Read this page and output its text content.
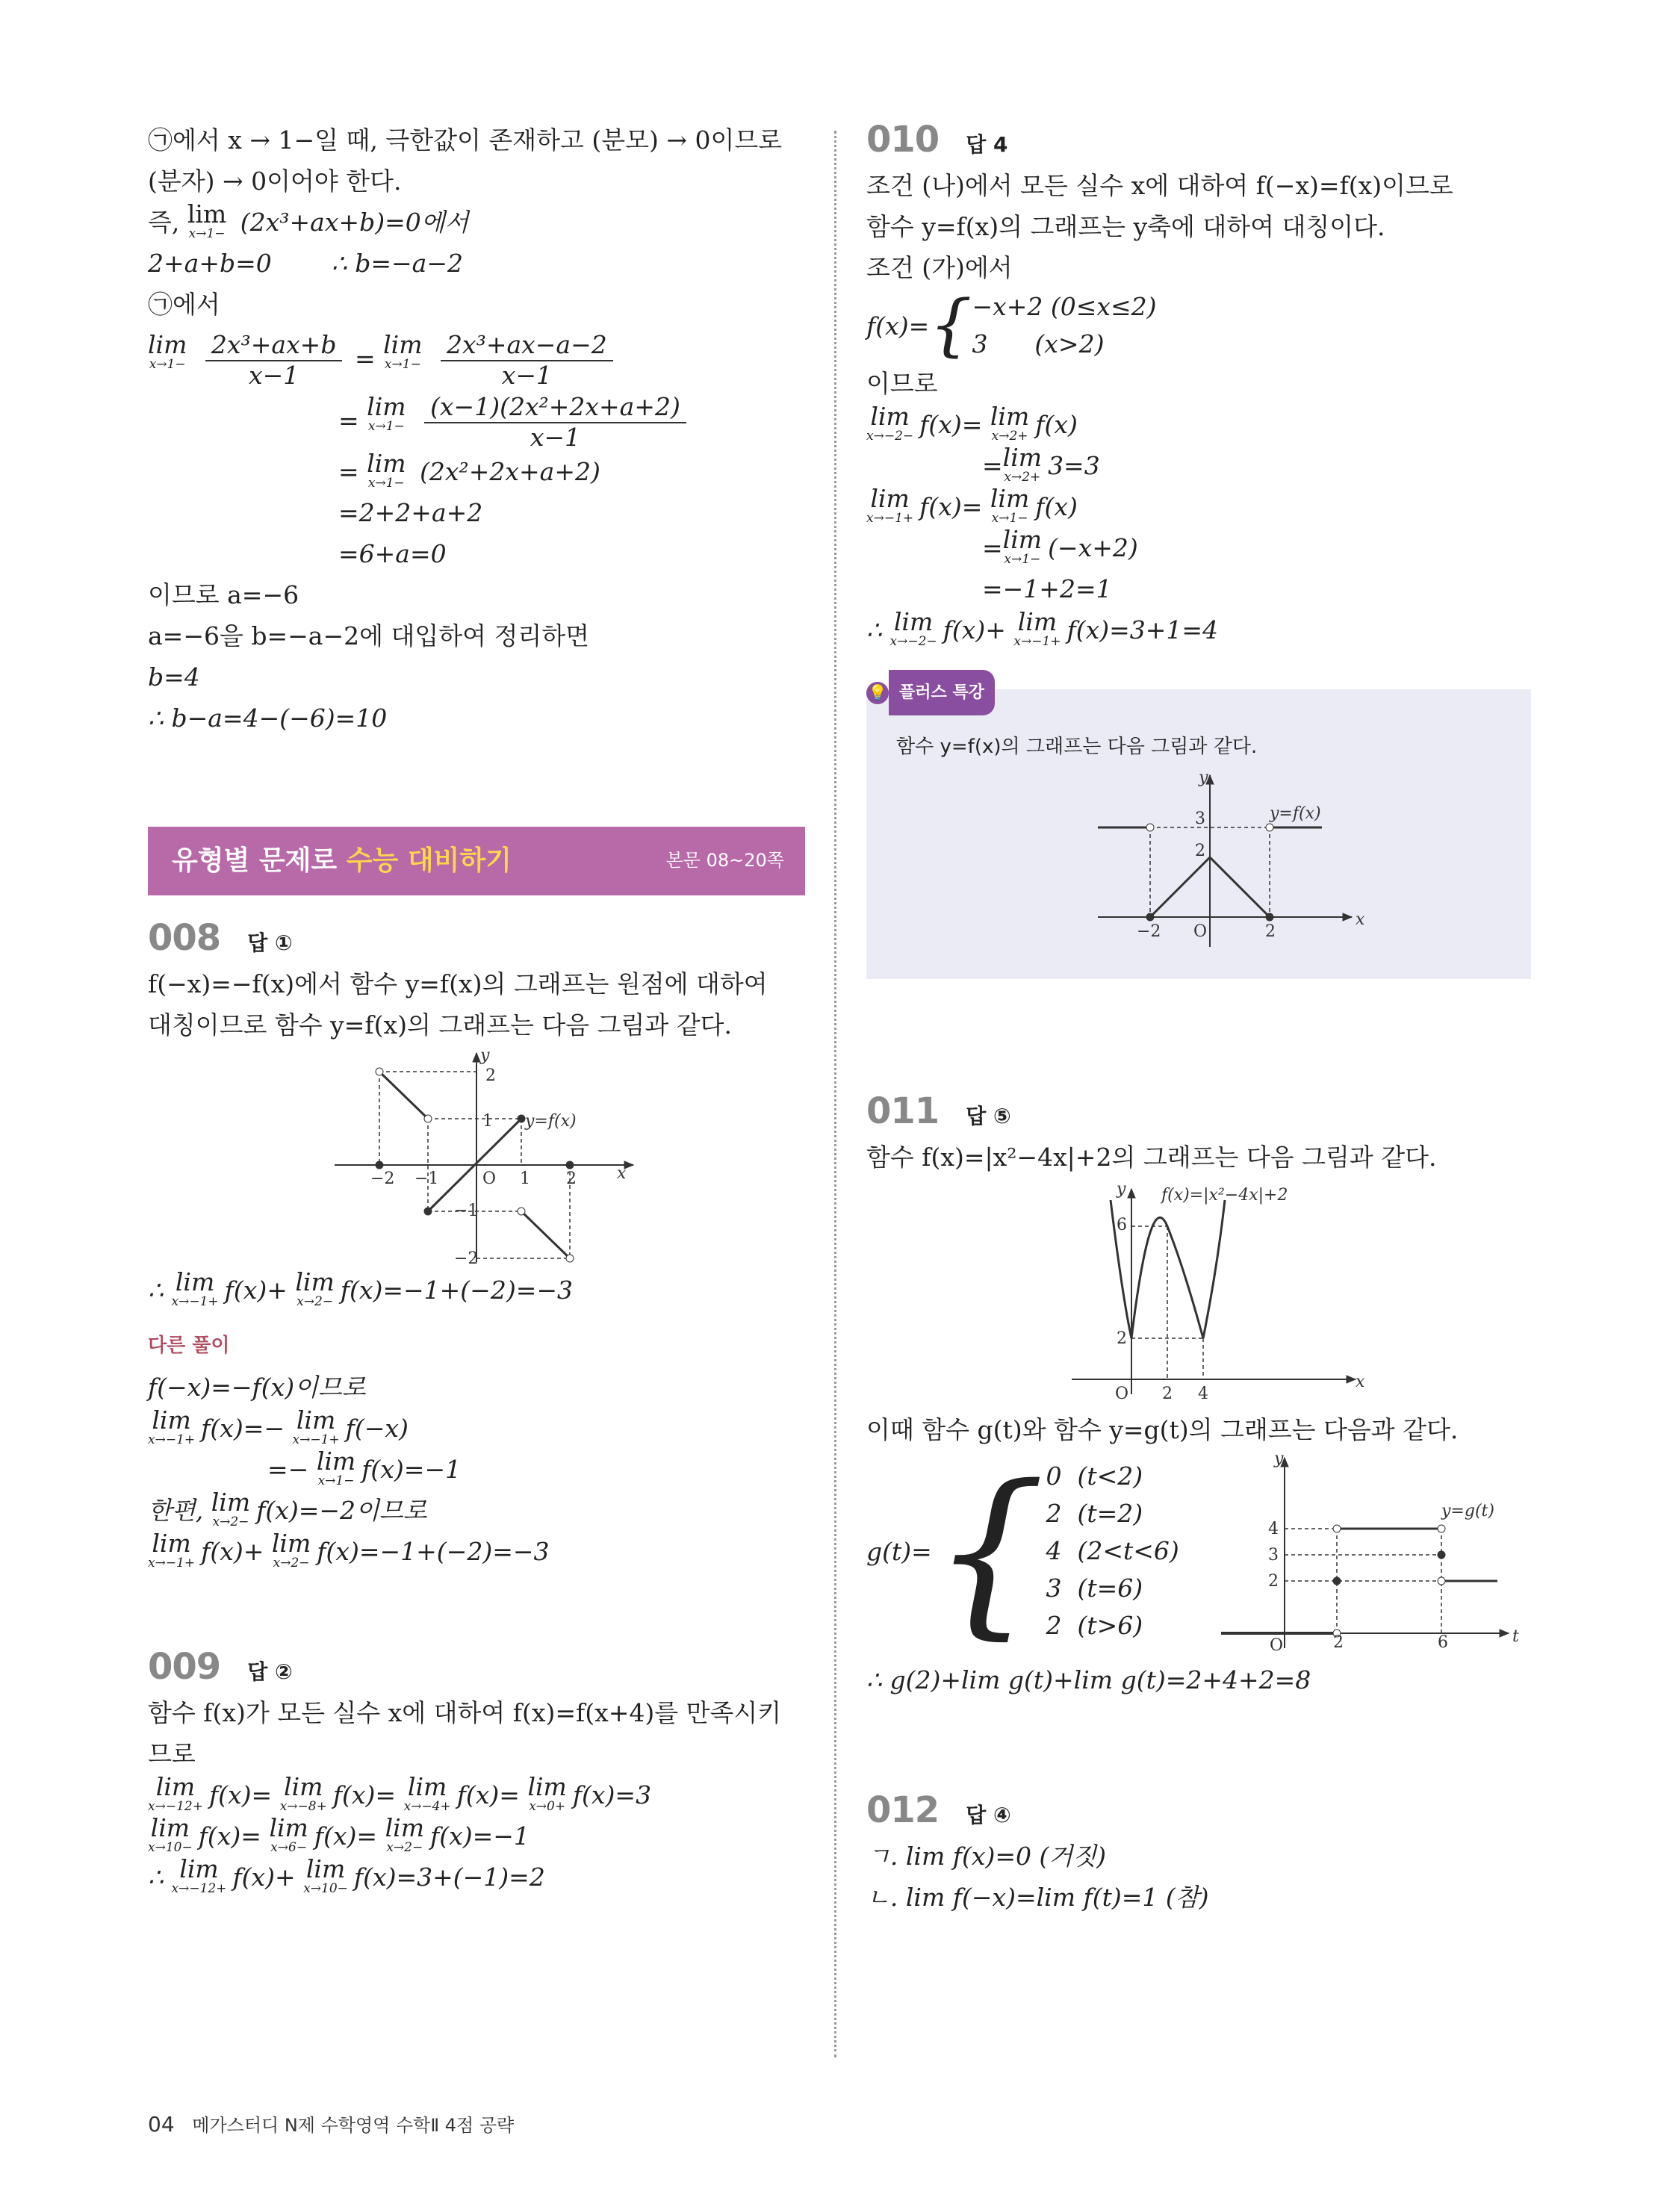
㉠에서 x → 1−일 때, 극한값이 존재하고 (분모) → 0이므로
(분자) → 0이어야 한다.
즉, lim
x→1− (2x³+ax+b)=0에서
2+a+b=0 ∴ b=−a−2
㉠에서
lim
x→1−
$\frac{\text{2x³+ax+b}}{x-1} = \lim$
x→1−
$\frac{\text{2x³+ax−a−2}}{x-1}$
= lim
x→1−
$\frac{\text{(x−1)(2x²+2x+a+2)}}{x-1}$
= lim
x→1− (2x²+2x+a+2)
=2+2+a+2
=6+a=0
이므로 a=−6
a=−6을 b=−a−2에 대입하여 정리하면
b=4
∴ b−a=4−(−6)=10
유형별 문제로 수능 대비하기	본문 08~20쪽
008 답 ①
f(−x)=−f(x)에서 함수 y=f(x)의 그래프는 원점에 대하여
대칭이므로 함수 y=f(x)의 그래프는 다음 그림과 같다.
y
x
2
1
O
−2 −1	1 2
−1
−2
y=f(x)
∴ lim
x→−1+ f(x)+ lim
x→2− f(x)=−1+(−2)=−3
다른 풀이
f(−x)=−f(x)이므로
lim
x→−1+ f(x)=− lim
x→−1+ f(−x)
=− lim
x→1− f(x)=−1
한편, lim
x→2− f(x)=−2이므로
lim
x→−1+ f(x)+ lim
x→2− f(x)=−1+(−2)=−3
009 답 ②
함수 f(x)가 모든 실수 x에 대하여 f(x)=f(x+4)를 만족시키
므로
lim
x→−12+ f(x)= lim
x→−8+ f(x)= lim
x→−4+ f(x)= lim
x→0+ f(x)=3
lim
x→10− f(x)= lim
x→6− f(x)= lim
x→2− f(x)=−1
∴ lim
x→−12+ f(x)+ lim
x→10− f(x)=3+(−1)=2
010 답 4
조건 (나)에서 모든 실수 x에 대하여 f(−x)=f(x)이므로
함수 y=f(x)의 그래프는 y축에 대하여 대칭이다.
조건 (가)에서
f(x)= { −x+2 (0≤x≤2)
3      (x>2)
이므로
lim
x→−2− f(x)= lim
x→2+ f(x)
= lim
x→2+ 3=3
lim
x→−1+ f(x)= lim
x→1− f(x)
= lim
x→1− (−x+2)
=−1+2=1
∴ lim
x→−2− f(x)+ lim
x→−1+ f(x)=3+1=4
💡 플러스 특강
함수 y=f(x)의 그래프는 다음 그림과 같다.
y
x
3
2
O
−2	2
y=f(x)
011 답 ⑤
함수 f(x)=|x²−4x|+2의 그래프는 다음 그림과 같다.
y
x
6
2
O 2 4
f(x)=|x²−4x|+2
이때 함수 g(t)와 함수 y=g(t)의 그래프는 다음과 같다.
g(t)= { 0  (t<2)
2  (t=2)
4  (2<t<6)
3  (t=6)
2  (t>6)
y
t
4
3
2
O	2	6
y=g(t)
∴ g(2)+lim g(t)+lim g(t)=2+4+2=8
012 답 ④
ㄱ. lim f(x)=0 (거짓)
ㄴ. lim f(−x)=lim f(t)=1 (참)
04 메가스터디 N제 수학영역 수학Ⅱ 4점 공략
